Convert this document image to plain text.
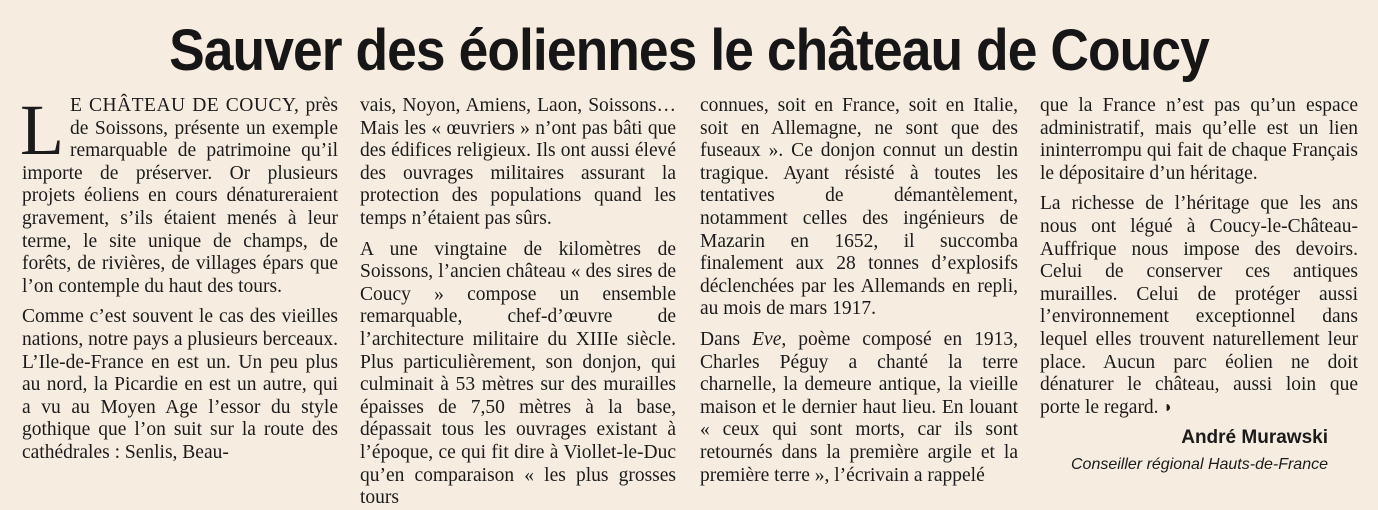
Sauver des éoliennes le château de Coucy

L E CHÂTEAU DE COUCY, près de Soissons, présente un exemple remarquable de patrimoine qu’il importe de préserver. Or plusieurs projets éoliens en cours dénatureraient gravement, s’ils étaient menés à leur terme, le site unique de champs, de forêts, de rivières, de villages épars que l’on contemple du haut des tours.

Comme c’est souvent le cas des vieilles nations, notre pays a plusieurs berceaux. L’Ile-de-France en est un. Un peu plus au nord, la Picardie en est un autre, qui a vu au Moyen Age l’essor du style gothique que l’on suit sur la route des cathédrales : Senlis, Beau-

vais, Noyon, Amiens, Laon, Soissons… Mais les « œuvriers » n’ont pas bâti que des édifices religieux. Ils ont aussi élevé des ouvrages militaires assurant la protection des populations quand les temps n’étaient pas sûrs.

A une vingtaine de kilomètres de Soissons, l’ancien château « des sires de Coucy » compose un ensemble remarquable, chef-d’œuvre de l’architecture militaire du XIIIe siècle. Plus particulièrement, son donjon, qui culminait à 53 mètres sur des murailles épaisses de 7,50 mètres à la base, dépassait tous les ouvrages existant à l’époque, ce qui fit dire à Viollet-le-Duc qu’en comparaison « les plus grosses tours

connues, soit en France, soit en Italie, soit en Allemagne, ne sont que des fuseaux ». Ce donjon connut un destin tragique. Ayant résisté à toutes les tentatives de démantèlement, notamment celles des ingénieurs de Mazarin en 1652, il succomba finalement aux 28 tonnes d’explosifs déclenchées par les Allemands en repli, au mois de mars 1917.

Dans Eve, poème composé en 1913, Charles Péguy a chanté la terre charnelle, la demeure antique, la vieille maison et le dernier haut lieu. En louant « ceux qui sont morts, car ils sont retournés dans la première argile et la première terre », l’écrivain a rappelé

que la France n’est pas qu’un espace administratif, mais qu’elle est un lien ininterrompu qui fait de chaque Français le dépositaire d’un héritage.

La richesse de l’héritage que les ans nous ont légué à Coucy-le-Château-Auffrique nous impose des devoirs. Celui de conserver ces antiques murailles. Celui de protéger aussi l’environnement exceptionnel dans lequel elles trouvent naturellement leur place. Aucun parc éolien ne doit dénaturer le château, aussi loin que porte le regard. ◗

André Murawski
Conseiller régional Hauts-de-France
